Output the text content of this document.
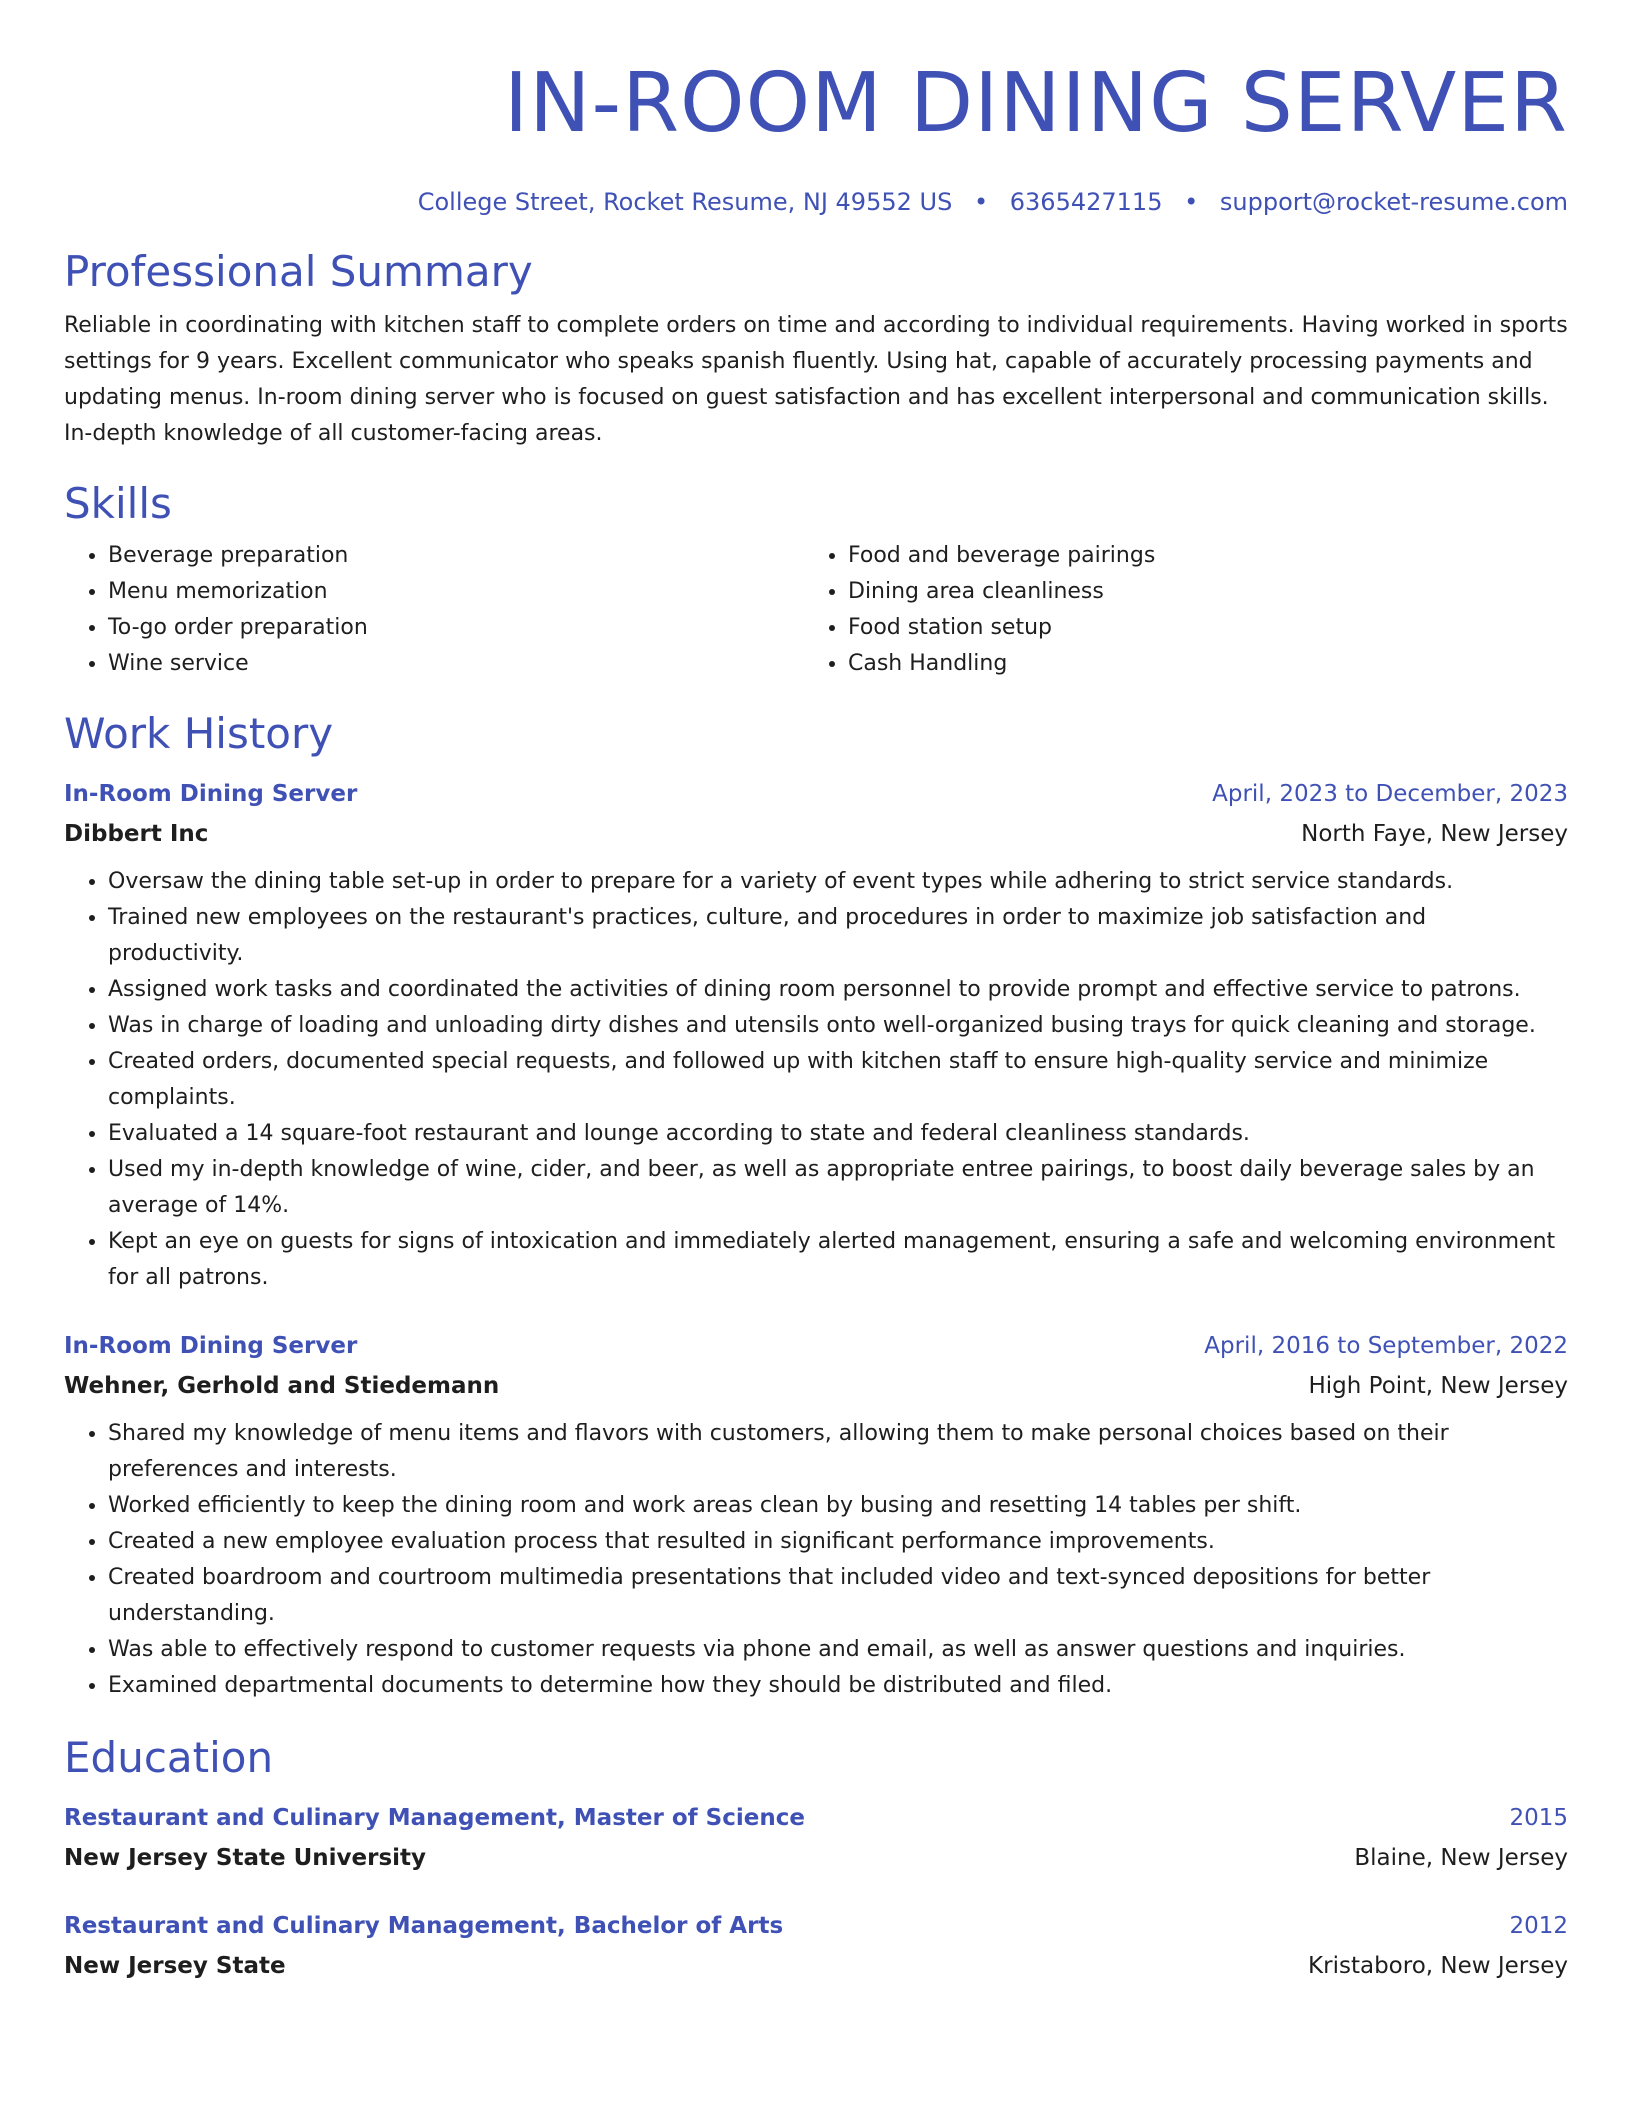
IN-ROOM DINING SERVER
College Street, Rocket Resume, NJ 49552 US • 6365427115 • support@rocket-resume.com
Professional Summary
Reliable in coordinating with kitchen staff to complete orders on time and according to individual requirements. Having worked in sports settings for 9 years. Excellent communicator who speaks spanish fluently. Using hat, capable of accurately processing payments and updating menus. In-room dining server who is focused on guest satisfaction and has excellent interpersonal and communication skills. In-depth knowledge of all customer-facing areas.
Skills
• Beverage preparation
• Menu memorization
• To-go order preparation
• Wine service
• Food and beverage pairings
• Dining area cleanliness
• Food station setup
• Cash Handling
Work History
In-Room Dining Server	April, 2023 to December, 2023
Dibbert Inc	North Faye, New Jersey
• Oversaw the dining table set-up in order to prepare for a variety of event types while adhering to strict service standards.
• Trained new employees on the restaurant's practices, culture, and procedures in order to maximize job satisfaction and productivity.
• Assigned work tasks and coordinated the activities of dining room personnel to provide prompt and effective service to patrons.
• Was in charge of loading and unloading dirty dishes and utensils onto well-organized busing trays for quick cleaning and storage.
• Created orders, documented special requests, and followed up with kitchen staff to ensure high-quality service and minimize complaints.
• Evaluated a 14 square-foot restaurant and lounge according to state and federal cleanliness standards.
• Used my in-depth knowledge of wine, cider, and beer, as well as appropriate entree pairings, to boost daily beverage sales by an average of 14%.
• Kept an eye on guests for signs of intoxication and immediately alerted management, ensuring a safe and welcoming environment for all patrons.
In-Room Dining Server	April, 2016 to September, 2022
Wehner, Gerhold and Stiedemann	High Point, New Jersey
• Shared my knowledge of menu items and flavors with customers, allowing them to make personal choices based on their preferences and interests.
• Worked efficiently to keep the dining room and work areas clean by busing and resetting 14 tables per shift.
• Created a new employee evaluation process that resulted in significant performance improvements.
• Created boardroom and courtroom multimedia presentations that included video and text-synced depositions for better understanding.
• Was able to effectively respond to customer requests via phone and email, as well as answer questions and inquiries.
• Examined departmental documents to determine how they should be distributed and filed.
Education
Restaurant and Culinary Management, Master of Science	2015
New Jersey State University	Blaine, New Jersey
Restaurant and Culinary Management, Bachelor of Arts	2012
New Jersey State	Kristaboro, New Jersey
